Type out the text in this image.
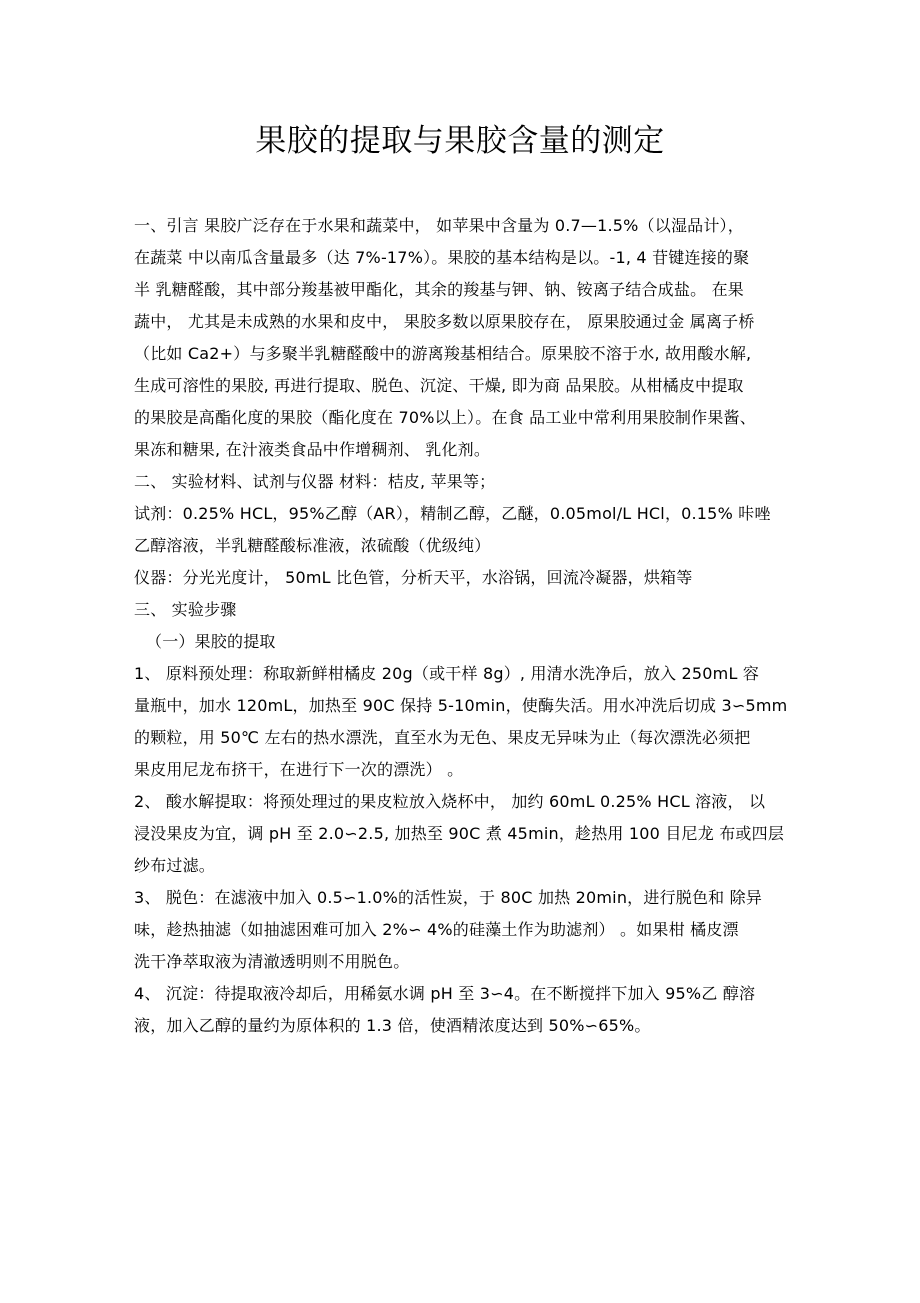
果胶的提取与果胶含量的测定
一、引言 果胶广泛存在于水果和蔬菜中， 如苹果中含量为 0.7—1.5%（以湿品计），
在蔬菜 中以南瓜含量最多（达 7%-17%）。果胶的基本结构是以。-1, 4 苷键连接的聚
半 乳糖醛酸，其中部分羧基被甲酯化，其余的羧基与钾、钠、铵离子结合成盐。 在果
蔬中， 尤其是未成熟的水果和皮中， 果胶多数以原果胶存在， 原果胶通过金 属离子桥
（比如 Ca2+）与多聚半乳糖醛酸中的游离羧基相结合。原果胶不溶于水, 故用酸水解,
生成可溶性的果胶, 再进行提取、脱色、沉淀、干燥, 即为商 品果胶。从柑橘皮中提取
的果胶是高酯化度的果胶（酯化度在 70%以上）。在食 品工业中常利用果胶制作果酱、
果冻和糖果, 在汁液类食品中作增稠剂、 乳化剂。
二、 实验材料、试剂与仪器 材料：桔皮, 苹果等；
试剂：0.25% HCL，95%乙醇（AR），精制乙醇，乙醚，0.05mol/L HCl，0.15% 咔唑
乙醇溶液，半乳糖醛酸标准液，浓硫酸（优级纯）
仪器：分光光度计， 50mL 比色管，分析天平，水浴锅，回流冷凝器，烘箱等
三、 实验步骤
（一）果胶的提取
1、 原料预处理：称取新鲜柑橘皮 20g（或干样 8g）, 用清水洗净后，放入 250mL 容
量瓶中，加水 120mL，加热至 90C 保持 5-10min，使酶失活。用水冲洗后切成 3∽5mm
的颗粒，用 50℃ 左右的热水漂洗，直至水为无色、果皮无异味为止（每次漂洗必须把
果皮用尼龙布挤干，在进行下一次的漂洗） 。
2、 酸水解提取：将预处理过的果皮粒放入烧杯中， 加约 60mL 0.25% HCL 溶液， 以
浸没果皮为宜，调 pH 至 2.0∽2.5, 加热至 90C 煮 45min，趁热用 100 目尼龙 布或四层
纱布过滤。
3、 脱色：在滤液中加入 0.5∽1.0%的活性炭，于 80C 加热 20min，进行脱色和 除异
味，趁热抽滤（如抽滤困难可加入 2%∽ 4%的硅藻土作为助滤剂） 。如果柑 橘皮漂
洗干净萃取液为清澈透明则不用脱色。
4、 沉淀：待提取液冷却后，用稀氨水调 pH 至 3∽4。在不断搅拌下加入 95%乙 醇溶
液，加入乙醇的量约为原体积的 1.3 倍，使酒精浓度达到 50%∽65%。
